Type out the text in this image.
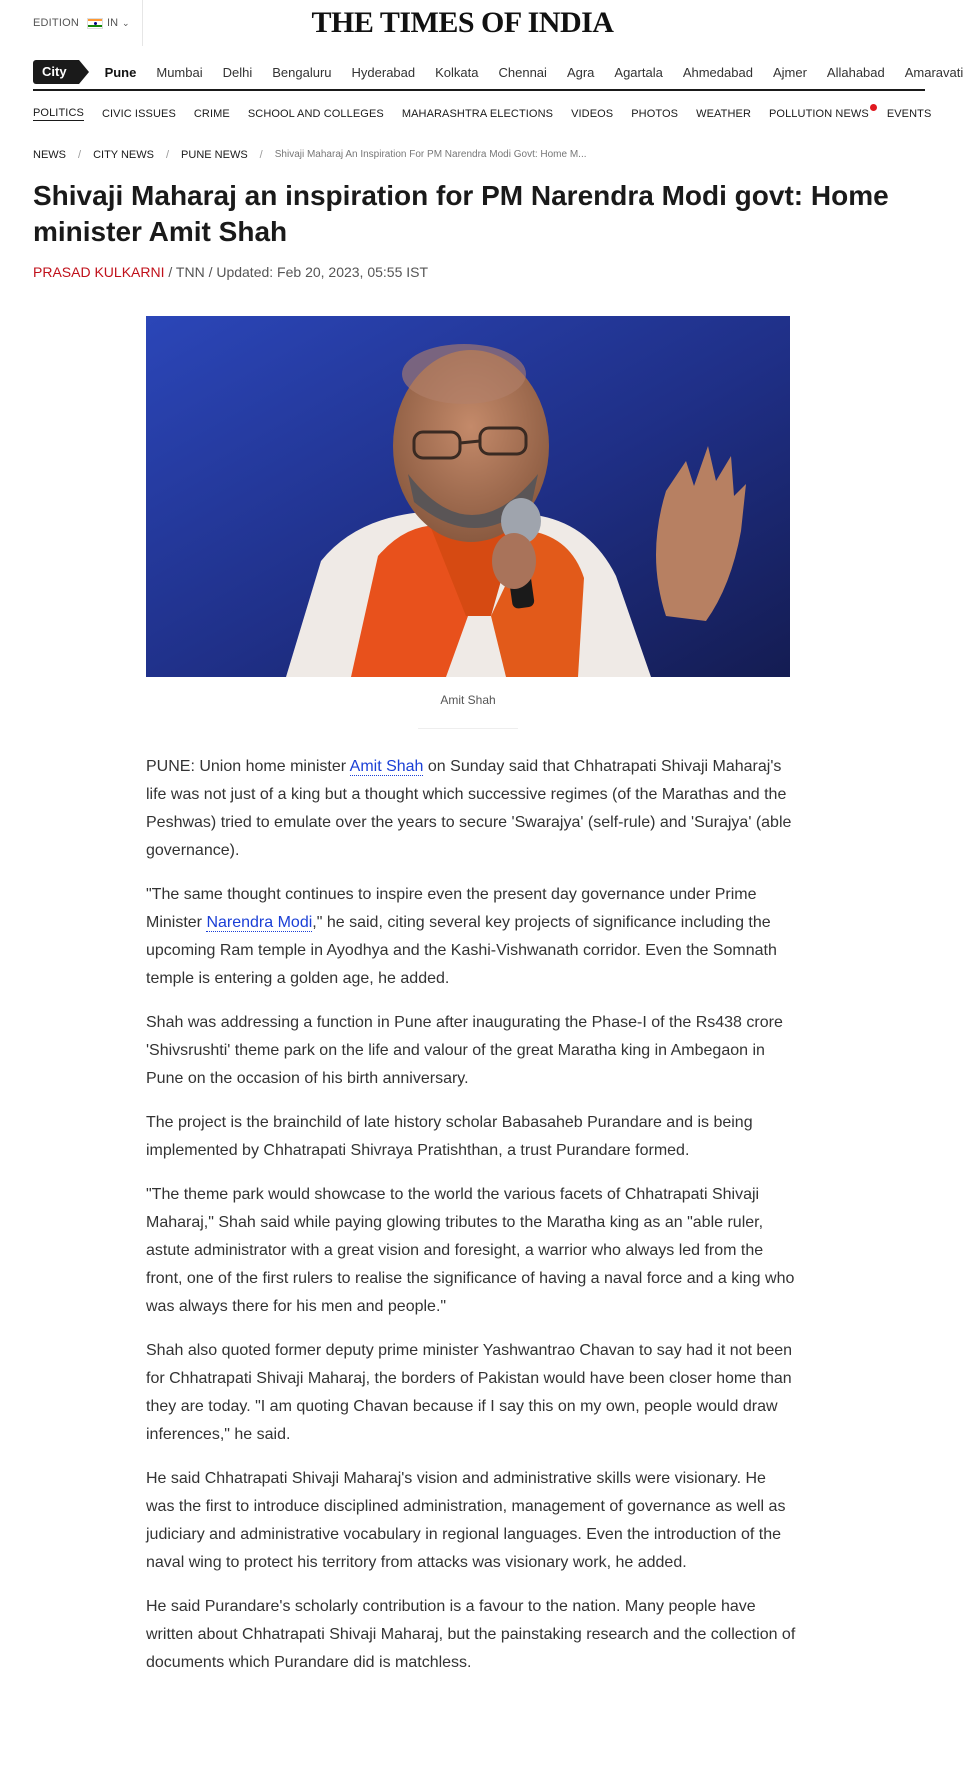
EDITION	IN ⌄	THE TIMES OF INDIA
City	Pune Mumbai Delhi Bengaluru Hyderabad Kolkata Chennai Agra Agartala Ahmedabad Ajmer Allahabad Amaravati
POLITICS CIVIC ISSUES CRIME SCHOOL AND COLLEGES MAHARASHTRA ELECTIONS VIDEOS PHOTOS WEATHER POLLUTION NEWS EVENTS
NEWS / CITY NEWS / PUNE NEWS / Shivaji Maharaj An Inspiration For PM Narendra Modi Govt: Home M...
Shivaji Maharaj an inspiration for PM Narendra Modi govt: Home minister Amit Shah
PRASAD KULKARNI / TNN / Updated: Feb 20, 2023, 05:55 IST
Amit Shah

PUNE: Union home minister Amit Shah on Sunday said that Chhatrapati Shivaji Maharaj's life was not just of a king but a thought which successive regimes (of the Marathas and the Peshwas) tried to emulate over the years to secure 'Swarajya' (self-rule) and 'Surajya' (able governance).

"The same thought continues to inspire even the present day governance under Prime Minister Narendra Modi," he said, citing several key projects of significance including the upcoming Ram temple in Ayodhya and the Kashi-Vishwanath corridor. Even the Somnath temple is entering a golden age, he added.

Shah was addressing a function in Pune after inaugurating the Phase-I of the Rs438 crore 'Shivsrushti' theme park on the life and valour of the great Maratha king in Ambegaon in Pune on the occasion of his birth anniversary.

The project is the brainchild of late history scholar Babasaheb Purandare and is being implemented by Chhatrapati Shivraya Pratishthan, a trust Purandare formed.

"The theme park would showcase to the world the various facets of Chhatrapati Shivaji Maharaj," Shah said while paying glowing tributes to the Maratha king as an "able ruler, astute administrator with a great vision and foresight, a warrior who always led from the front, one of the first rulers to realise the significance of having a naval force and a king who was always there for his men and people."

Shah also quoted former deputy prime minister Yashwantrao Chavan to say had it not been for Chhatrapati Shivaji Maharaj, the borders of Pakistan would have been closer home than they are today. "I am quoting Chavan because if I say this on my own, people would draw inferences," he said.

He said Chhatrapati Shivaji Maharaj's vision and administrative skills were visionary. He was the first to introduce disciplined administration, management of governance as well as judiciary and administrative vocabulary in regional languages. Even the introduction of the naval wing to protect his territory from attacks was visionary work, he added.

He said Purandare's scholarly contribution is a favour to the nation. Many people have written about Chhatrapati Shivaji Maharaj, but the painstaking research and the collection of documents which Purandare did is matchless.
